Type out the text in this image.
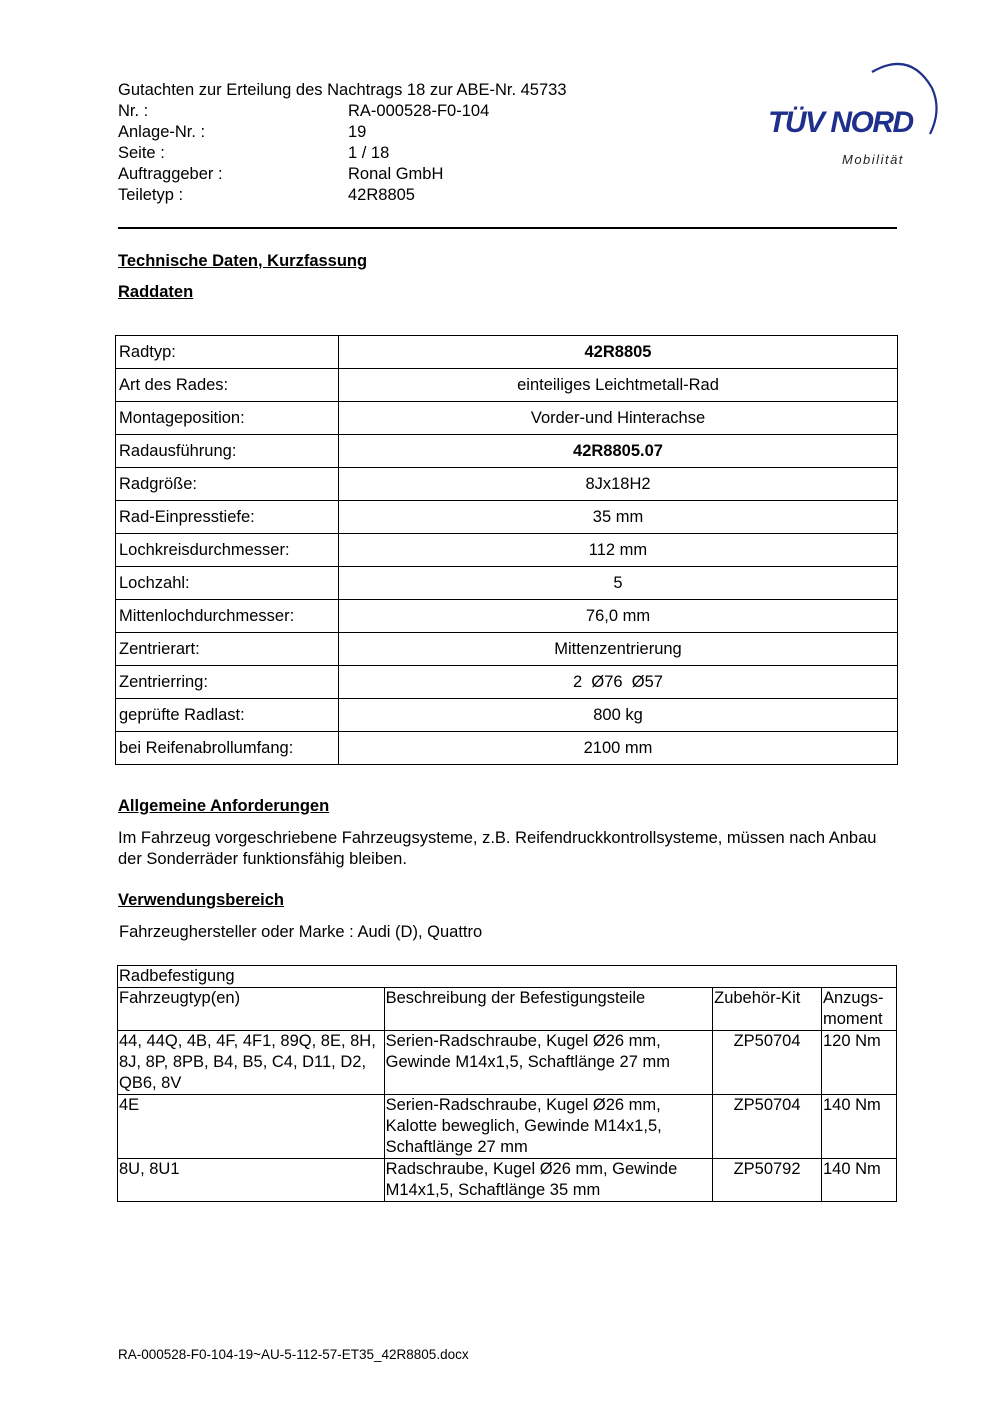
Gutachten zur Erteilung des Nachtrags 18 zur ABE-Nr. 45733
Nr. :	RA-000528-F0-104
Anlage-Nr. :	19
Seite :	1 / 18
Auftraggeber :	Ronal GmbH
Teiletyp :	42R8805
TÜV NORD
Mobilität
Technische Daten, Kurzfassung
Raddaten
Radtyp:	42R8805
Art des Rades:	einteiliges Leichtmetall-Rad
Montageposition:	Vorder-und Hinterachse
Radausführung:	42R8805.07
Radgröße:	8Jx18H2
Rad-Einpresstiefe:	35 mm
Lochkreisdurchmesser:	112 mm
Lochzahl:	5
Mittenlochdurchmesser:	76,0 mm
Zentrierart:	Mittenzentrierung
Zentrierring:	2  Ø76  Ø57
geprüfte Radlast:	800 kg
bei Reifenabrollumfang:	2100 mm
Allgemeine Anforderungen
Im Fahrzeug vorgeschriebene Fahrzeugsysteme, z.B. Reifendruckkontrollsysteme, müssen nach Anbau der Sonderräder funktionsfähig bleiben.
Verwendungsbereich
Fahrzeughersteller oder Marke : Audi (D), Quattro
Radbefestigung			
Fahrzeugtyp(en)	Beschreibung der Befestigungsteile	Zubehör-Kit	Anzugs-moment
44, 44Q, 4B, 4F, 4F1, 89Q, 8E, 8H, 8J, 8P, 8PB, B4, B5, C4, D11, D2, QB6, 8V	Serien-Radschraube, Kugel Ø26 mm, Gewinde M14x1,5, Schaftlänge 27 mm	ZP50704	120 Nm
4E	Serien-Radschraube, Kugel Ø26 mm, Kalotte beweglich, Gewinde M14x1,5, Schaftlänge 27 mm	ZP50704	140 Nm
8U, 8U1	Radschraube, Kugel Ø26 mm, Gewinde M14x1,5, Schaftlänge 35 mm	ZP50792	140 Nm
RA-000528-F0-104-19~AU-5-112-57-ET35_42R8805.docx
